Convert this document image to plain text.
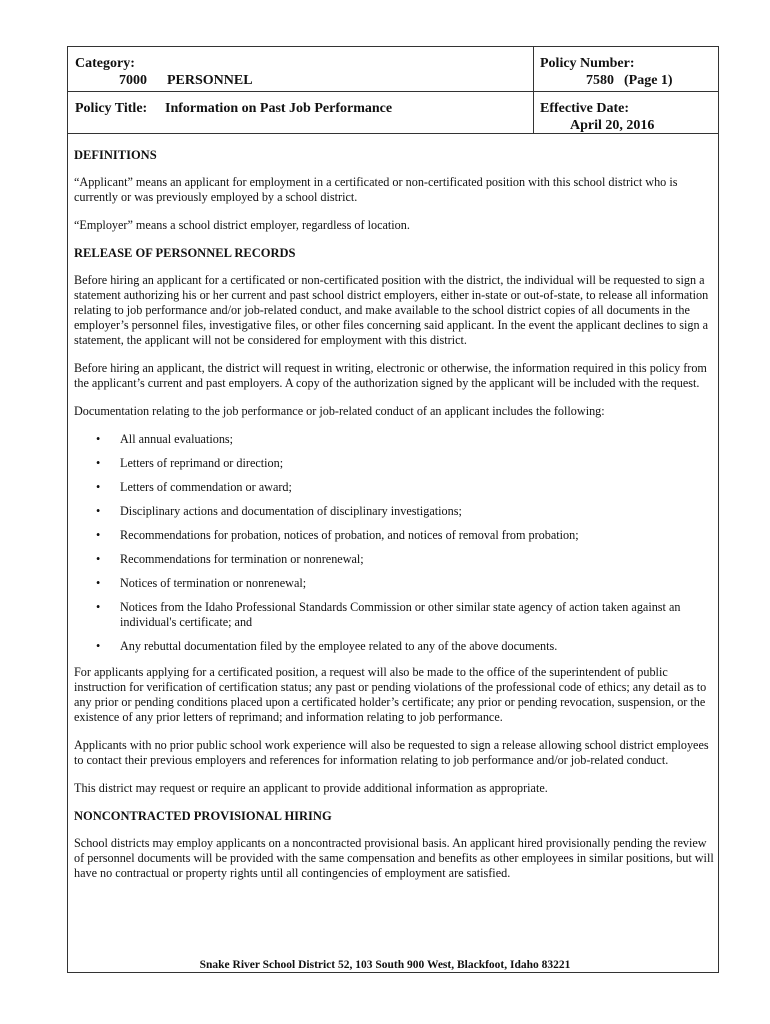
Category:
7000 PERSONNEL
Policy Number:
7580 (Page 1)
Policy Title: Information on Past Job Performance	Effective Date:
April 20, 2016
DEFINITIONS

“Applicant” means an applicant for employment in a certificated or non-certificated position with this school district who is currently or was previously employed by a school district.

“Employer” means a school district employer, regardless of location.

RELEASE OF PERSONNEL RECORDS

Before hiring an applicant for a certificated or non-certificated position with the district, the individual will be requested to sign a statement authorizing his or her current and past school district employers, either in-state or out-of-state, to release all information relating to job performance and/or job-related conduct, and make available to the school district copies of all documents in the employer’s personnel files, investigative files, or other files concerning said applicant. In the event the applicant declines to sign a statement, the applicant will not be considered for employment with this district.

Before hiring an applicant, the district will request in writing, electronic or otherwise, the information required in this policy from the applicant’s current and past employers. A copy of the authorization signed by the applicant will be included with the request.

Documentation relating to the job performance or job-related conduct of an applicant includes the following:

• All annual evaluations;
• Letters of reprimand or direction;
• Letters of commendation or award;
• Disciplinary actions and documentation of disciplinary investigations;
• Recommendations for probation, notices of probation, and notices of removal from probation;
• Recommendations for termination or nonrenewal;
• Notices of termination or nonrenewal;
• Notices from the Idaho Professional Standards Commission or other similar state agency of action taken against an individual's certificate; and
• Any rebuttal documentation filed by the employee related to any of the above documents.

For applicants applying for a certificated position, a request will also be made to the office of the superintendent of public instruction for verification of certification status; any past or pending violations of the professional code of ethics; any detail as to any prior or pending conditions placed upon a certificated holder’s certificate; any prior or pending revocation, suspension, or the existence of any prior letters of reprimand; and information relating to job performance.

Applicants with no prior public school work experience will also be requested to sign a release allowing school district employees to contact their previous employers and references for information relating to job performance and/or job-related conduct.

This district may request or require an applicant to provide additional information as appropriate.

NONCONTRACTED PROVISIONAL HIRING

School districts may employ applicants on a noncontracted provisional basis. An applicant hired provisionally pending the review of personnel documents will be provided with the same compensation and benefits as other employees in similar positions, but will have no contractual or property rights until all contingencies of employment are satisfied.

Snake River School District 52, 103 South 900 West, Blackfoot, Idaho 83221
